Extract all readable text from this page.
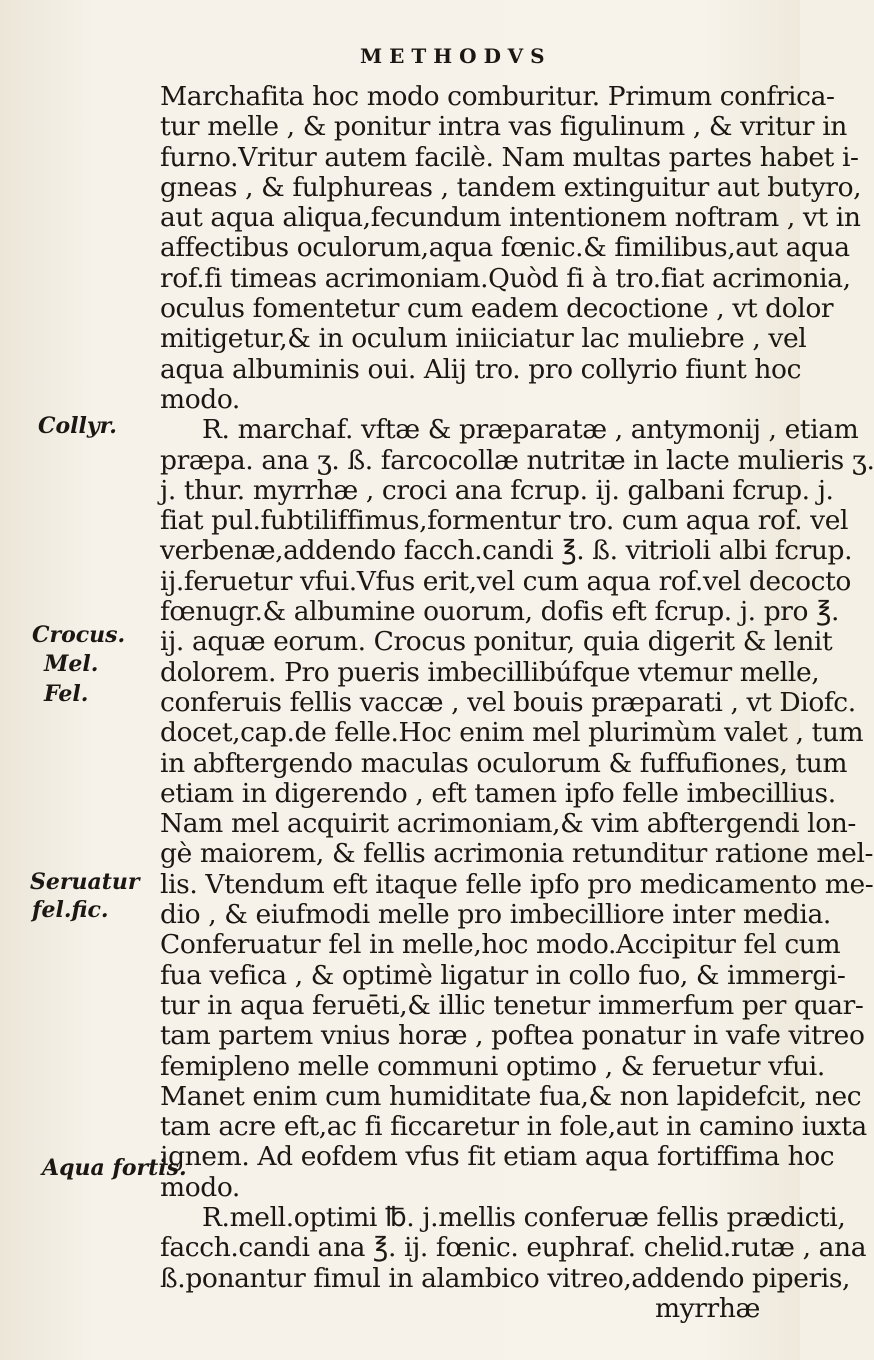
METHODVS
Collyr.
Crocus.
Mel.
Fel.
Seruatur
fel.fic.
Aqua fortis.
Marchafita hoc modo comburitur. Primum confrica-
tur melle , & ponitur intra vas figulinum , & vritur in
furno.Vritur autem facilè. Nam multas partes habet i-
gneas , & fulphureas , tandem extinguitur aut butyro,
aut aqua aliqua,fecundum intentionem noftram , vt in
affectibus oculorum,aqua fœnic.& fimilibus,aut aqua
rof.fi timeas acrimoniam.Quòd fi à tro.fiat acrimonia,
oculus fomentetur cum eadem decoctione , vt dolor
mitigetur,& in oculum iniiciatur lac muliebre , vel
aqua albuminis oui. Alij tro. pro collyrio fiunt hoc
modo.
R. marchaf. vftæ & præparatæ , antymonij , etiam
præpa. ana ʒ. ß. farcocollæ nutritæ in lacte mulieris ʒ.
j. thur. myrrhæ , croci ana fcrup. ij. galbani fcrup. j.
fiat pul.fubtiliffimus,formentur tro. cum aqua rof. vel
verbenæ,addendo facch.candi ℥. ß. vitrioli albi fcrup.
ij.feruetur vfui.Vfus erit,vel cum aqua rof.vel decocto
fœnugr.& albumine ouorum, dofis eft fcrup. j. pro ℥.
ij. aquæ eorum. Crocus ponitur, quia digerit & lenit
dolorem. Pro pueris imbecillibúfque vtemur melle,
conferuis fellis vaccæ , vel bouis præparati , vt Diofc.
docet,cap.de felle.Hoc enim mel plurimùm valet , tum
in abftergendo maculas oculorum & fuffufiones, tum
etiam in digerendo , eft tamen ipfo felle imbecillius.
Nam mel acquirit acrimoniam,& vim abftergendi lon-
gè maiorem, & fellis acrimonia retunditur ratione mel-
lis. Vtendum eft itaque felle ipfo pro medicamento me-
dio , & eiufmodi melle pro imbecilliore inter media.
Conferuatur fel in melle,hoc modo.Accipitur fel cum
fua vefica , & optimè ligatur in collo fuo, & immergi-
tur in aqua feruēti,& illic tenetur immerfum per quar-
tam partem vnius horæ , poftea ponatur in vafe vitreo
femipleno melle communi optimo , & feruetur vfui.
Manet enim cum humiditate fua,& non lapidefcit, nec
tam acre eft,ac fi ficcaretur in fole,aut in camino iuxta
ignem. Ad eofdem vfus fit etiam aqua fortiffima hoc
modo.
R.mell.optimi ℔. j.mellis conferuæ fellis prædicti,
facch.candi ana ℥. ij. fœnic. euphraf. chelid.rutæ , ana
ß.ponantur fimul in alambico vitreo,addendo piperis,
myrrhæ
